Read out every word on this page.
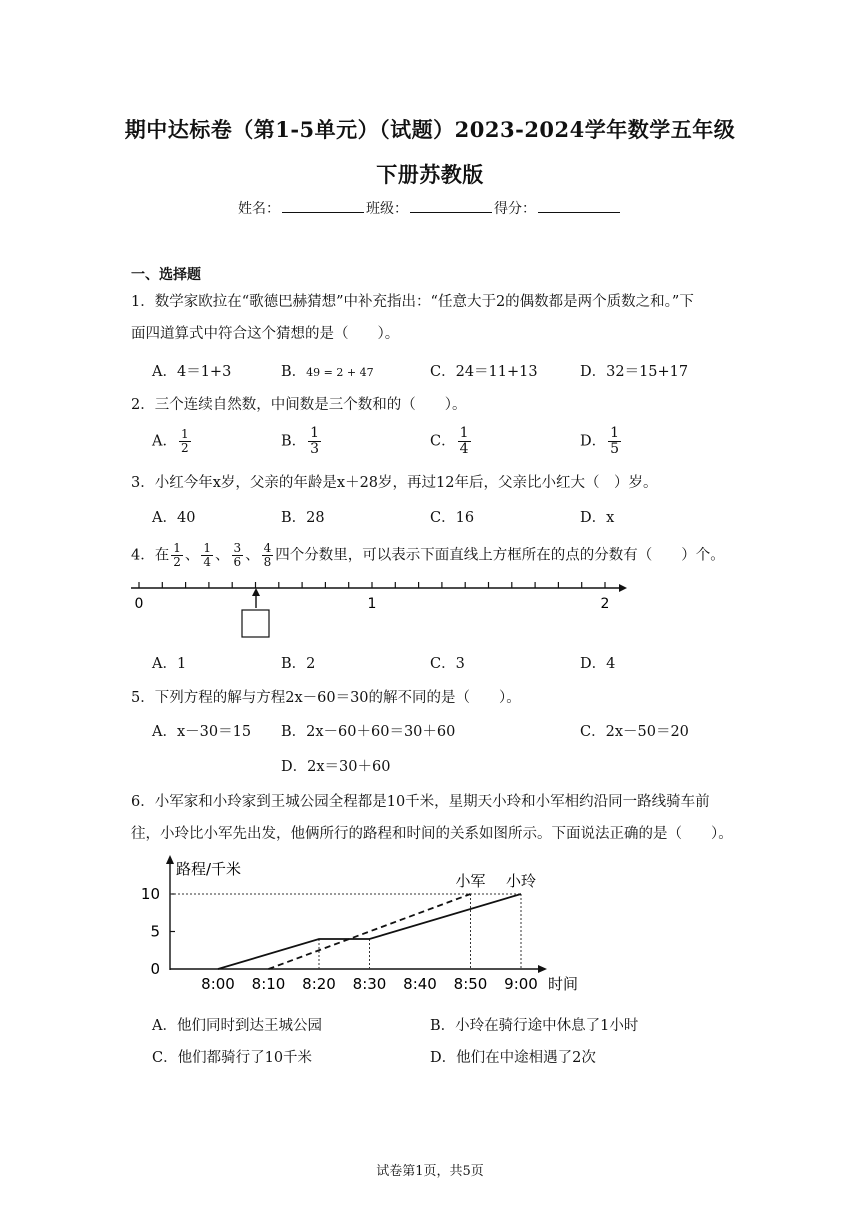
期中达标卷（第1-5单元）（试题）2023-2024学年数学五年级
下册苏教版
姓名：	班级：	得分：
一、选择题
1．数学家欧拉在“歌德巴赫猜想”中补充指出：“任意大于2的偶数都是两个质数之和。”下
面四道算式中符合这个猜想的是（　　）。
A．4＝1+3	B．49 = 2 + 47	C．24＝11+13	D．32＝15+17
2．三个连续自然数，中间数是三个数和的（　　）。
A． $\frac{1}{2}$	B． $\frac{1}{3}$	C． $\frac{1}{4}$	D． $\frac{1}{5}$
3．小红今年x岁，父亲的年龄是x＋28岁，再过12年后，父亲比小红大（　）岁。
A．40	B．28	C．16	D．x
4．在 $\frac{1}{2}$ 、 $\frac{1}{4}$ 、 $\frac{3}{6}$ 、 $\frac{4}{8}$ 四个分数里，可以表示下面直线上方框所在的点的分数有（　　）个。
0	1	2
A．1	B．2	C．3	D．4
5．下列方程的解与方程2x－60＝30的解不同的是（　　）。
A．x－30＝15 B．2x－60＋60＝30＋60	C．2x－50＝20
D．2x＝30＋60
6．小军家和小玲家到王城公园全程都是10千米，星期天小玲和小军相约沿同一路线骑车前
往，小玲比小军先出发，他俩所行的路程和时间的关系如图所示。下面说法正确的是（　　）。
路程/千米
时间
8:00 8:10 8:20 8:30 8:40 8:50 9:00
0
5
10
小玲
小军
A．他们同时到达王城公园	B．小玲在骑行途中休息了1小时
C．他们都骑行了10千米	D．他们在中途相遇了2次
试卷第1页，共5页
